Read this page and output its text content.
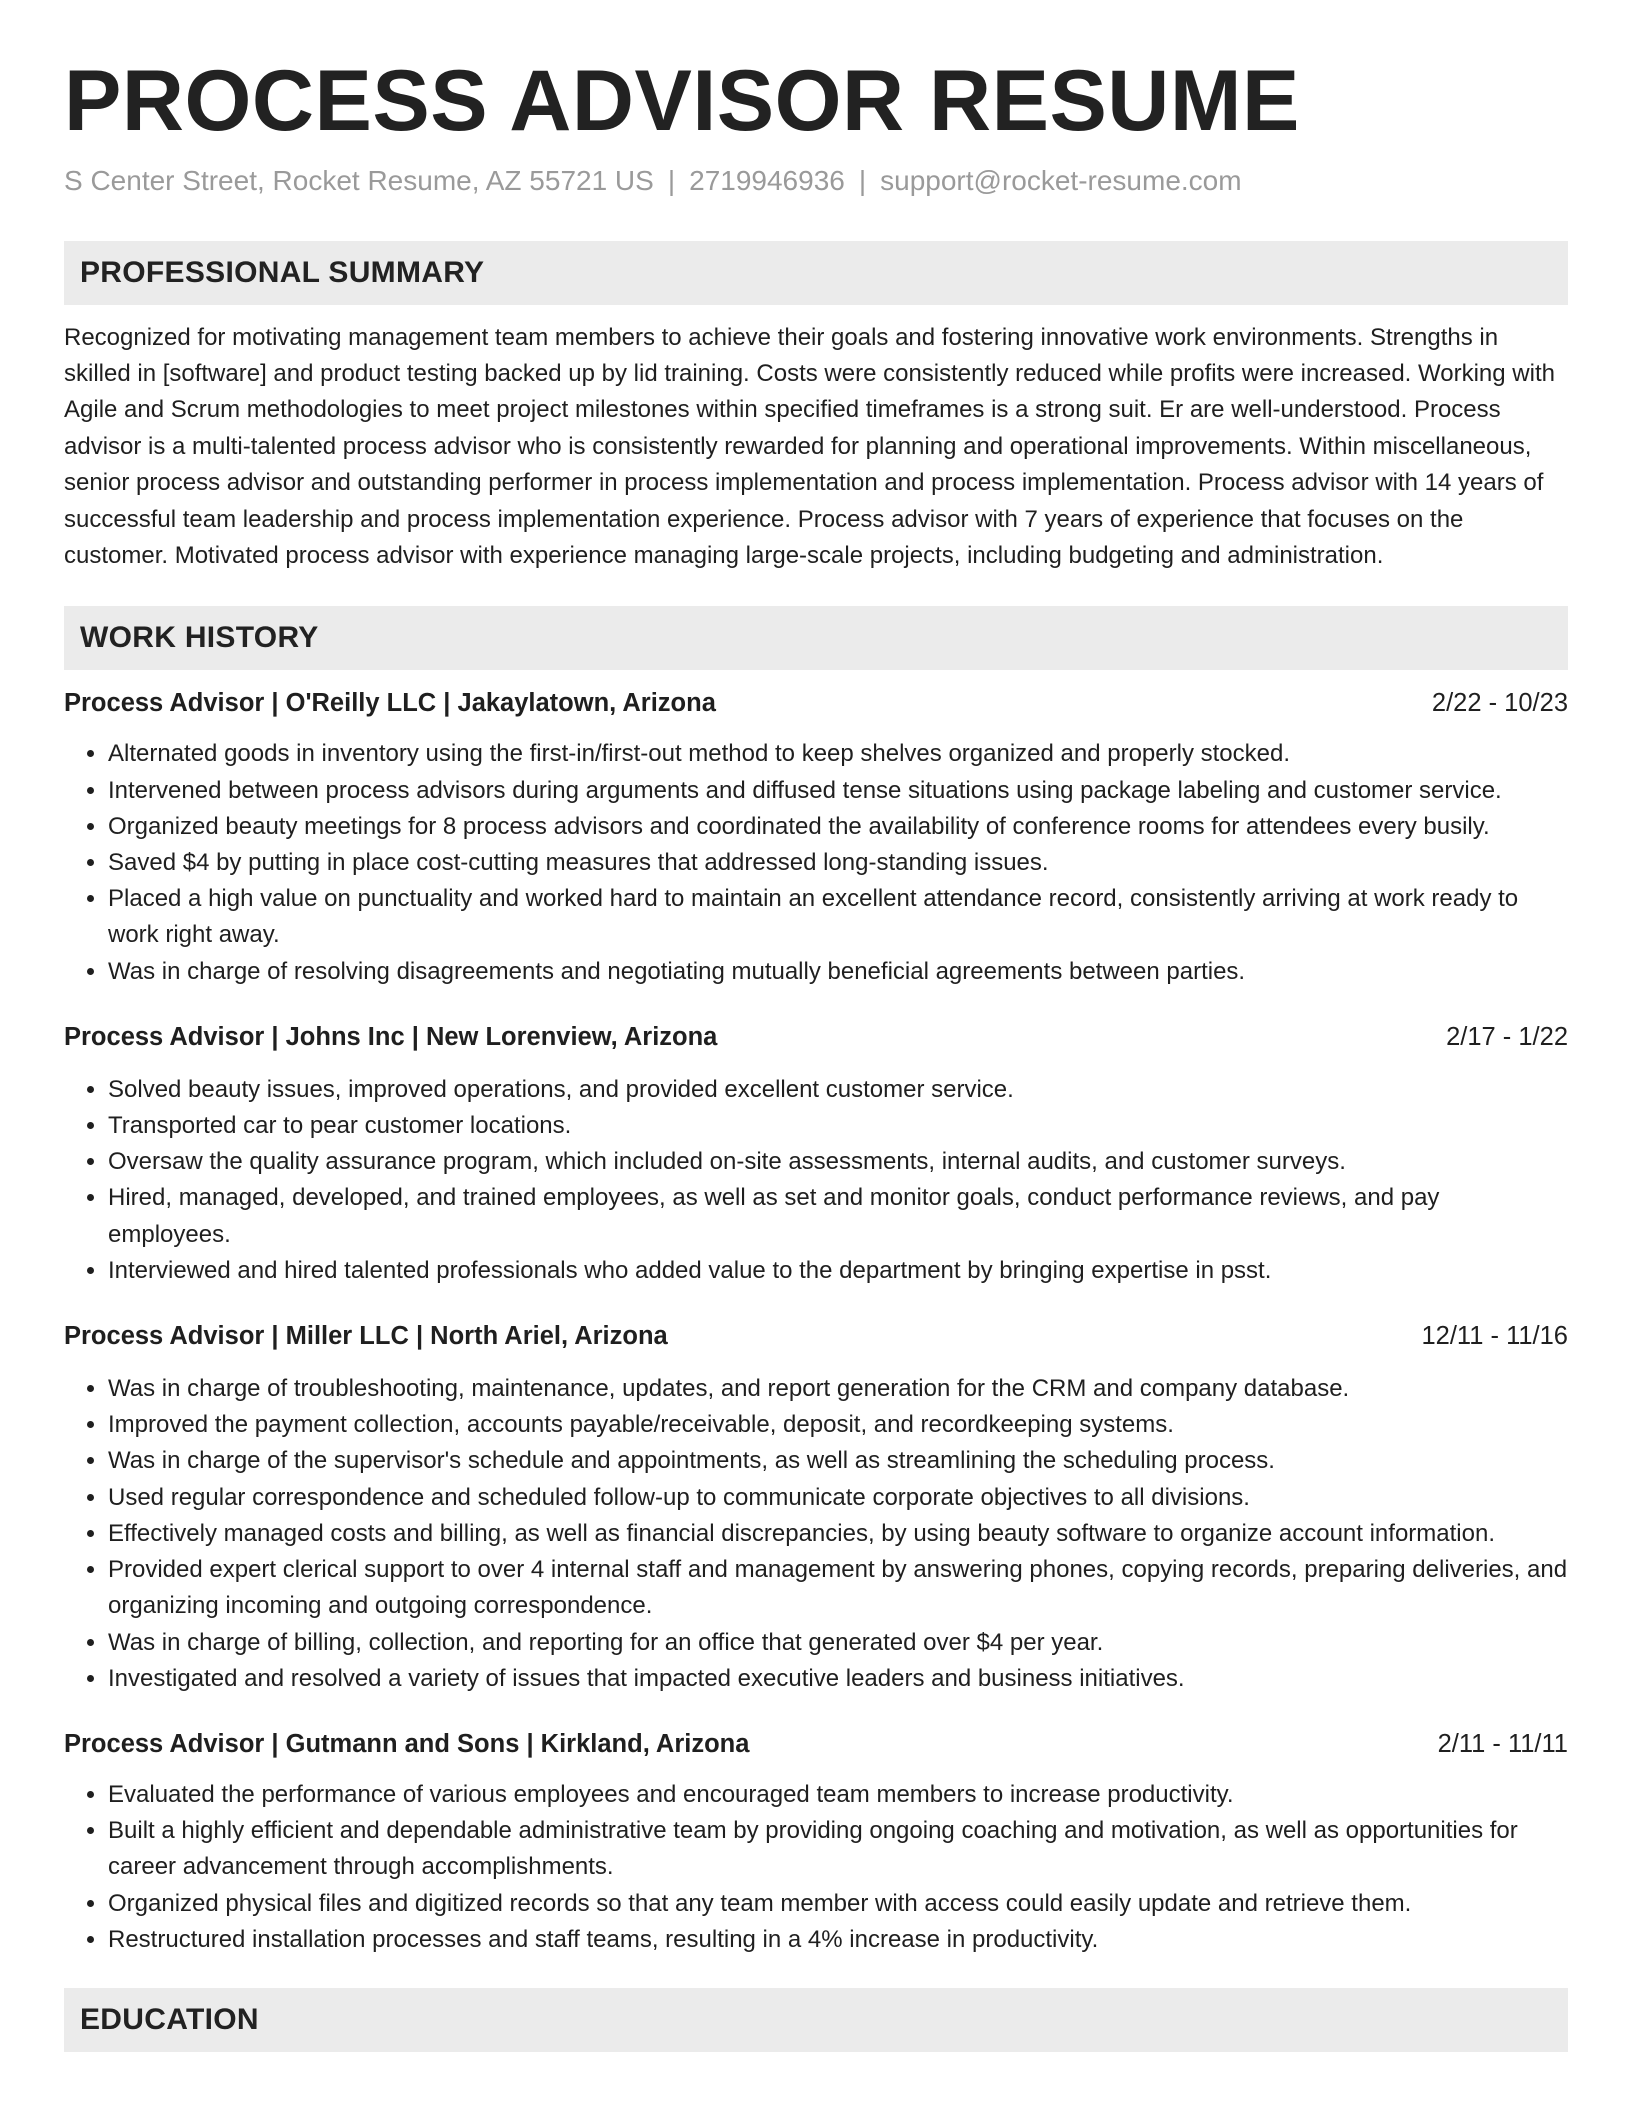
PROCESS ADVISOR RESUME
S Center Street, Rocket Resume, AZ 55721 US | 2719946936 | support@rocket-resume.com
PROFESSIONAL SUMMARY

Recognized for motivating management team members to achieve their goals and fostering innovative work environments. Strengths in skilled in [software] and product testing backed up by lid training. Costs were consistently reduced while profits were increased. Working with Agile and Scrum methodologies to meet project milestones within specified timeframes is a strong suit. Er are well-understood. Process advisor is a multi-talented process advisor who is consistently rewarded for planning and operational improvements. Within miscellaneous, senior process advisor and outstanding performer in process implementation and process implementation. Process advisor with 14 years of successful team leadership and process implementation experience. Process advisor with 7 years of experience that focuses on the customer. Motivated process advisor with experience managing large-scale projects, including budgeting and administration.

WORK HISTORY
Process Advisor | O'Reilly LLC | Jakaylatown, Arizona	2/22 - 10/23
• Alternated goods in inventory using the first-in/first-out method to keep shelves organized and properly stocked.
• Intervened between process advisors during arguments and diffused tense situations using package labeling and customer service.
• Organized beauty meetings for 8 process advisors and coordinated the availability of conference rooms for attendees every busily.
• Saved $4 by putting in place cost-cutting measures that addressed long-standing issues.
• Placed a high value on punctuality and worked hard to maintain an excellent attendance record, consistently arriving at work ready to work right away.
• Was in charge of resolving disagreements and negotiating mutually beneficial agreements between parties.
Process Advisor | Johns Inc | New Lorenview, Arizona	2/17 - 1/22
• Solved beauty issues, improved operations, and provided excellent customer service.
• Transported car to pear customer locations.
• Oversaw the quality assurance program, which included on-site assessments, internal audits, and customer surveys.
• Hired, managed, developed, and trained employees, as well as set and monitor goals, conduct performance reviews, and pay employees.
• Interviewed and hired talented professionals who added value to the department by bringing expertise in psst.
Process Advisor | Miller LLC | North Ariel, Arizona	12/11 - 11/16
• Was in charge of troubleshooting, maintenance, updates, and report generation for the CRM and company database.
• Improved the payment collection, accounts payable/receivable, deposit, and recordkeeping systems.
• Was in charge of the supervisor's schedule and appointments, as well as streamlining the scheduling process.
• Used regular correspondence and scheduled follow-up to communicate corporate objectives to all divisions.
• Effectively managed costs and billing, as well as financial discrepancies, by using beauty software to organize account information.
• Provided expert clerical support to over 4 internal staff and management by answering phones, copying records, preparing deliveries, and organizing incoming and outgoing correspondence.
• Was in charge of billing, collection, and reporting for an office that generated over $4 per year.
• Investigated and resolved a variety of issues that impacted executive leaders and business initiatives.
Process Advisor | Gutmann and Sons | Kirkland, Arizona	2/11 - 11/11
• Evaluated the performance of various employees and encouraged team members to increase productivity.
• Built a highly efficient and dependable administrative team by providing ongoing coaching and motivation, as well as opportunities for career advancement through accomplishments.
• Organized physical files and digitized records so that any team member with access could easily update and retrieve them.
• Restructured installation processes and staff teams, resulting in a 4% increase in productivity.
EDUCATION
